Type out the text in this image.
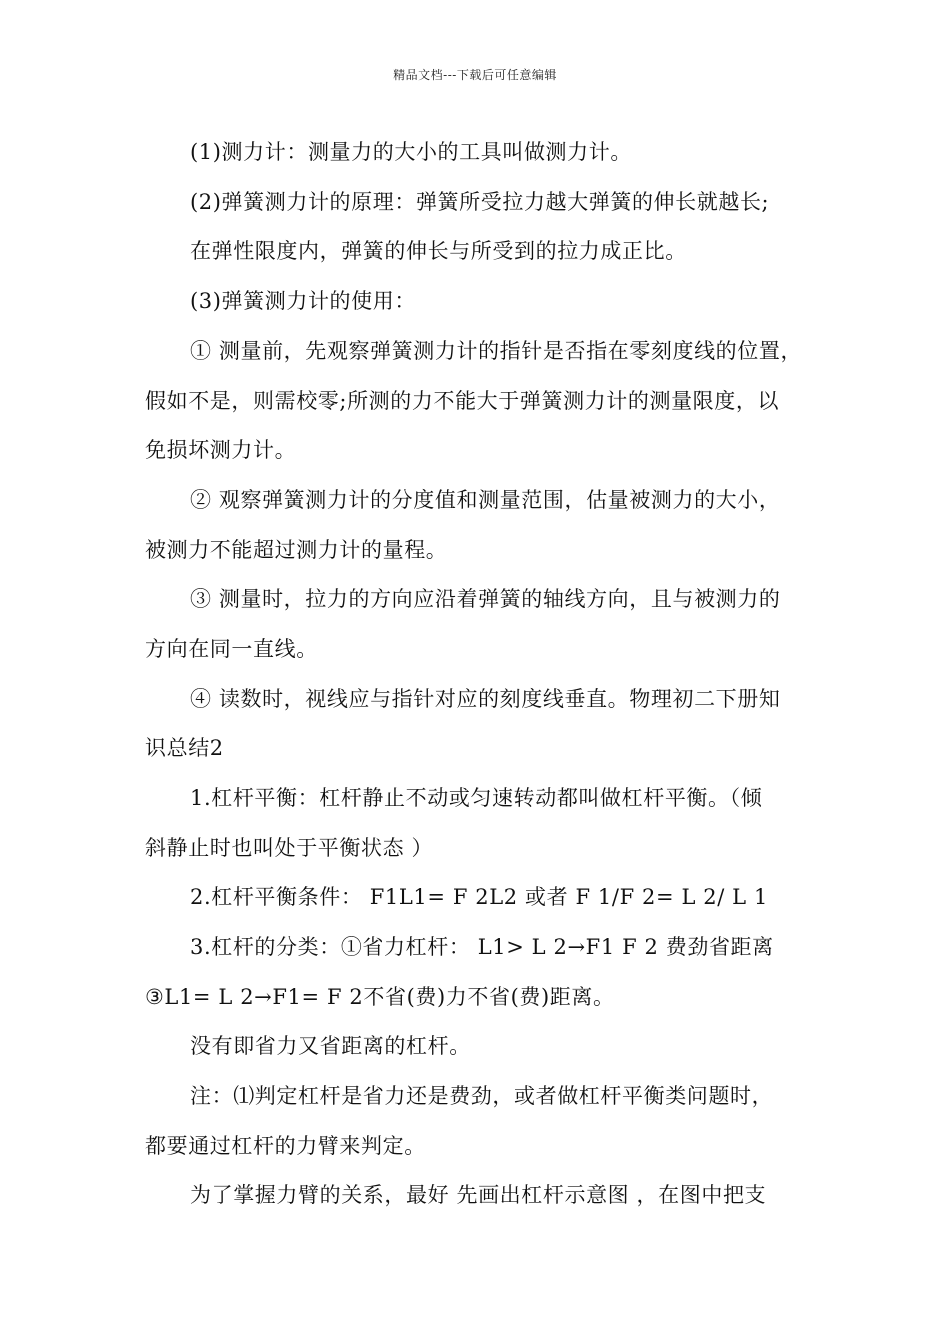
精品文档---下载后可任意编辑
(1)测力计：测量力的大小的工具叫做测力计。
(2)弹簧测力计的原理：弹簧所受拉力越大弹簧的伸长就越长;
在弹性限度内，弹簧的伸长与所受到的拉力成正比。
(3)弹簧测力计的使用：
① 测量前，先观察弹簧测力计的指针是否指在零刻度线的位置，
假如不是，则需校零;所测的力不能大于弹簧测力计的测量限度，以
免损坏测力计。
② 观察弹簧测力计的分度值和测量范围，估量被测力的大小，
被测力不能超过测力计的量程。
③ 测量时，拉力的方向应沿着弹簧的轴线方向，且与被测力的
方向在同一直线。
④ 读数时，视线应与指针对应的刻度线垂直。物理初二下册知
识总结2
1.杠杆平衡：杠杆静止不动或匀速转动都叫做杠杆平衡。（倾
斜静止时也叫处于平衡状态 ）
2.杠杆平衡条件： F1L1= F 2L2 或者 F 1/F 2= L 2/ L 1
3.杠杆的分类：①省力杠杆： L1> L 2→F1 F 2 费劲省距离
③L1= L 2→F1= F 2不省(费)力不省(费)距离。
没有即省力又省距离的杠杆。
注：⑴判定杠杆是省力还是费劲，或者做杠杆平衡类问题时，
都要通过杠杆的力臂来判定。
为了掌握力臂的关系，最好 先画出杠杆示意图 ，在图中把支
